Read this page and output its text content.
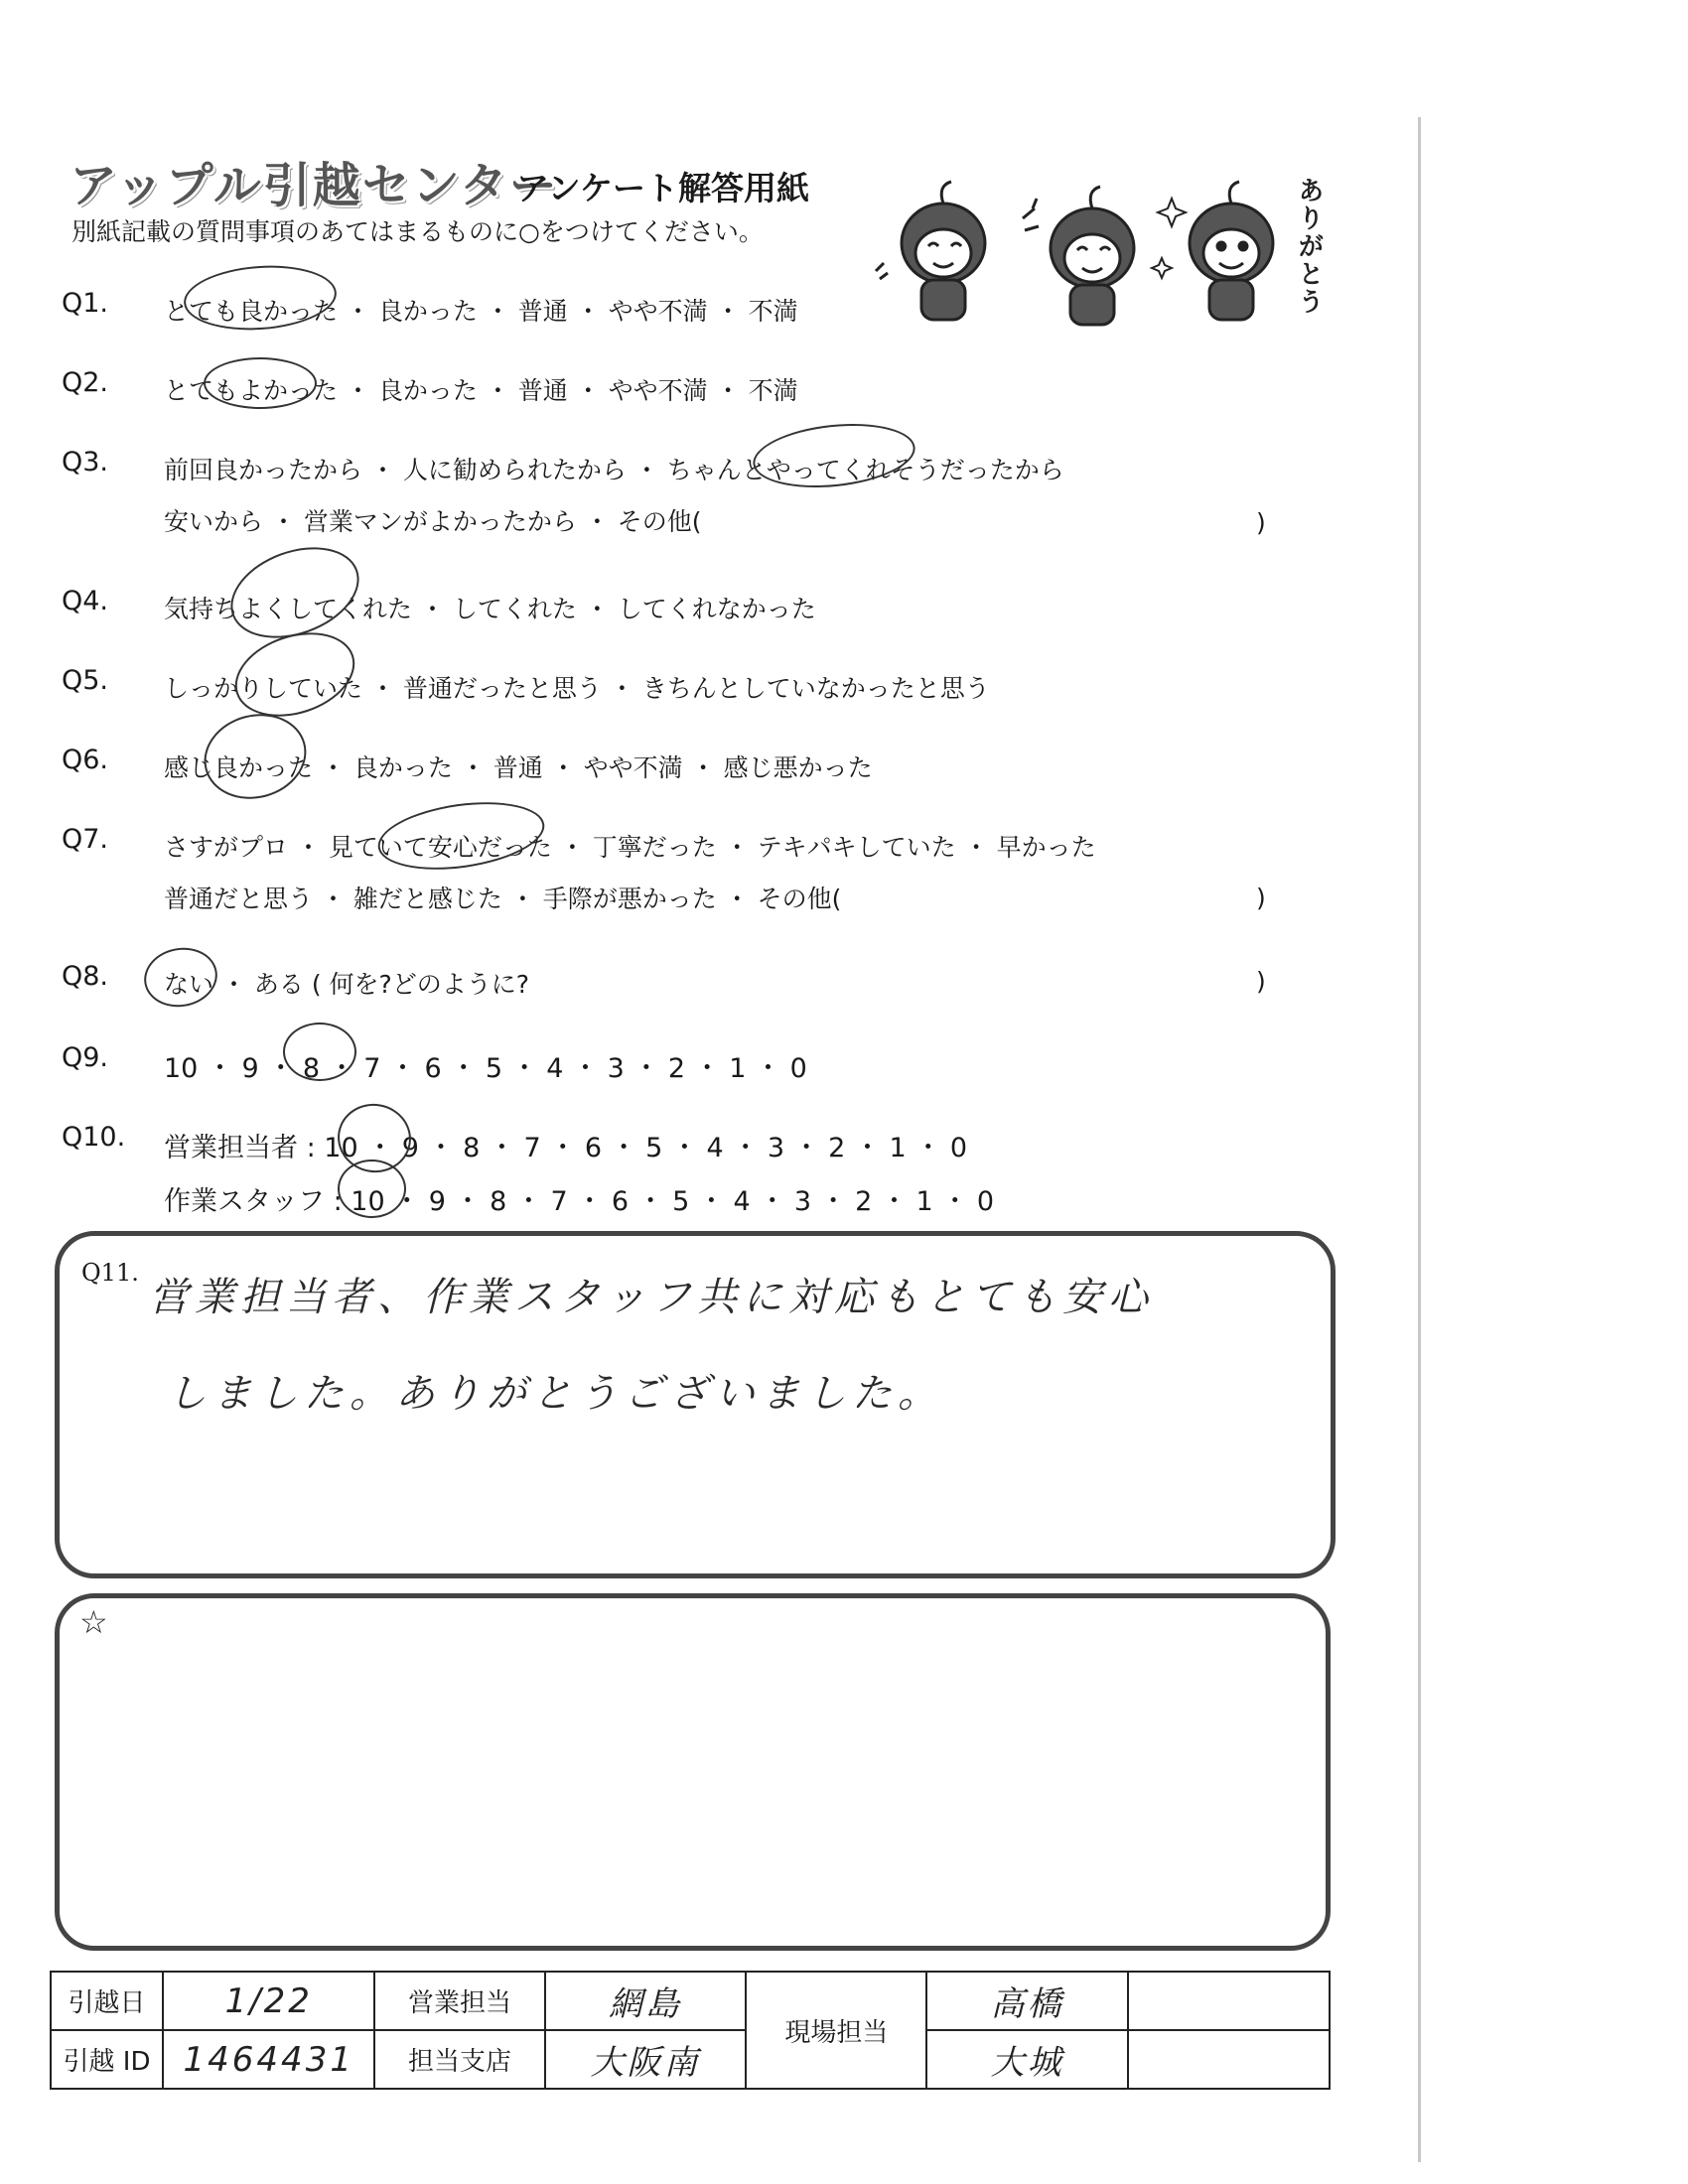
アップル引越センター
アンケート解答用紙
別紙記載の質問事項のあてはまるものに○をつけてください。	ありがとう
Q1. とても良かった ・ 良かった ・ 普通 ・ やや不満 ・ 不満
Q2. とてもよかった ・ 良かった ・ 普通 ・ やや不満 ・ 不満
Q3. 前回良かったから ・ 人に勧められたから ・ ちゃんとやってくれそうだったから
安いから ・ 営業マンがよかったから ・ その他(	)
Q4. 気持ちよくしてくれた ・ してくれた ・ してくれなかった
Q5. しっかりしていた ・ 普通だったと思う ・ きちんとしていなかったと思う
Q6. 感じ良かった ・ 良かった ・ 普通 ・ やや不満 ・ 感じ悪かった
Q7. さすがプロ ・ 見ていて安心だった ・ 丁寧だった ・ テキパキしていた ・ 早かった
普通だと思う ・ 雑だと感じた ・ 手際が悪かった ・ その他(	)
Q8. ない ・ ある ( 何を?どのように?	)
Q9. 10 ・ 9 ・ 8 ・ 7 ・ 6 ・ 5 ・ 4 ・ 3 ・ 2 ・ 1 ・ 0
Q10. 営業担当者 : 10 ・ 9 ・ 8 ・ 7 ・ 6 ・ 5 ・ 4 ・ 3 ・ 2 ・ 1 ・ 0
作業スタッフ : 10 ・ 9 ・ 8 ・ 7 ・ 6 ・ 5 ・ 4 ・ 3 ・ 2 ・ 1 ・ 0
Q11.
営業担当者、作業スタッフ共に対応もとても安心
しました。ありがとうございました。
☆
引越日	1/22	営業担当	網島	現場担当	高橋	
引越 ID	1464431	担当支店	大阪南		大城	
